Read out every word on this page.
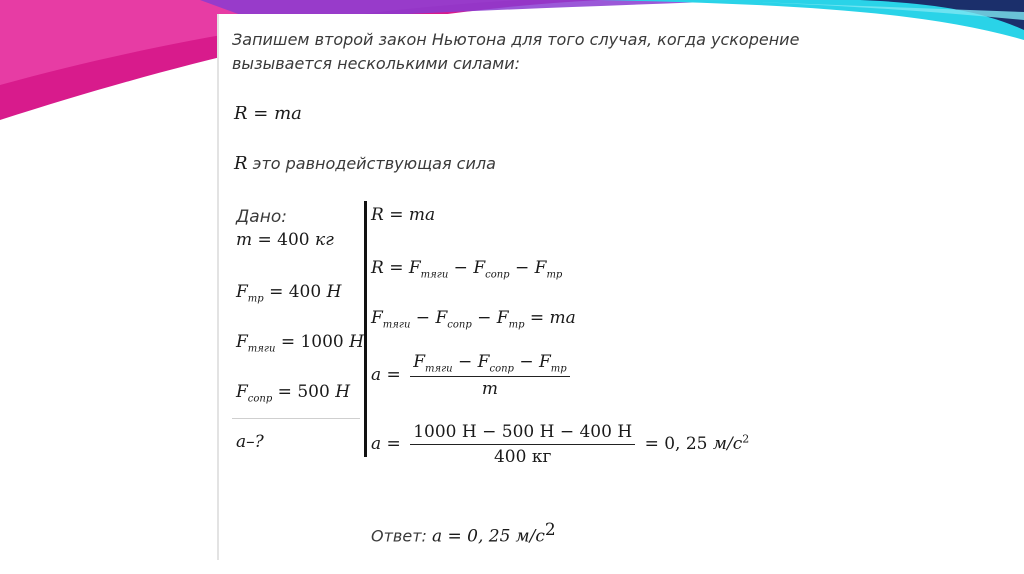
Запишем второй закон Ньютона для того случая, когда ускорение
вызывается несколькими силами:
R = ma
R это равнодействующая сила
Дано:
m = 400 кг
$F_{тр} = 400$ Н
$F_{тяги} = 1000$ Н
$F_{сопр} = 500$ Н
a–?
R = ma
$R = F_{тяги} - F_{сопр} - F_{тр}$
$F_{тяги} - F_{сопр} - F_{тр}$ = ma
$a = \frac{F_{тяги} - F_{сопр} - F_{тр}}{m}$
$a = \frac{1000 Н - 500 Н - 400 Н}{400 кг} = 0$, 25 $м/с^2$
Ответ: a = 0, 25 $м/с^2$
